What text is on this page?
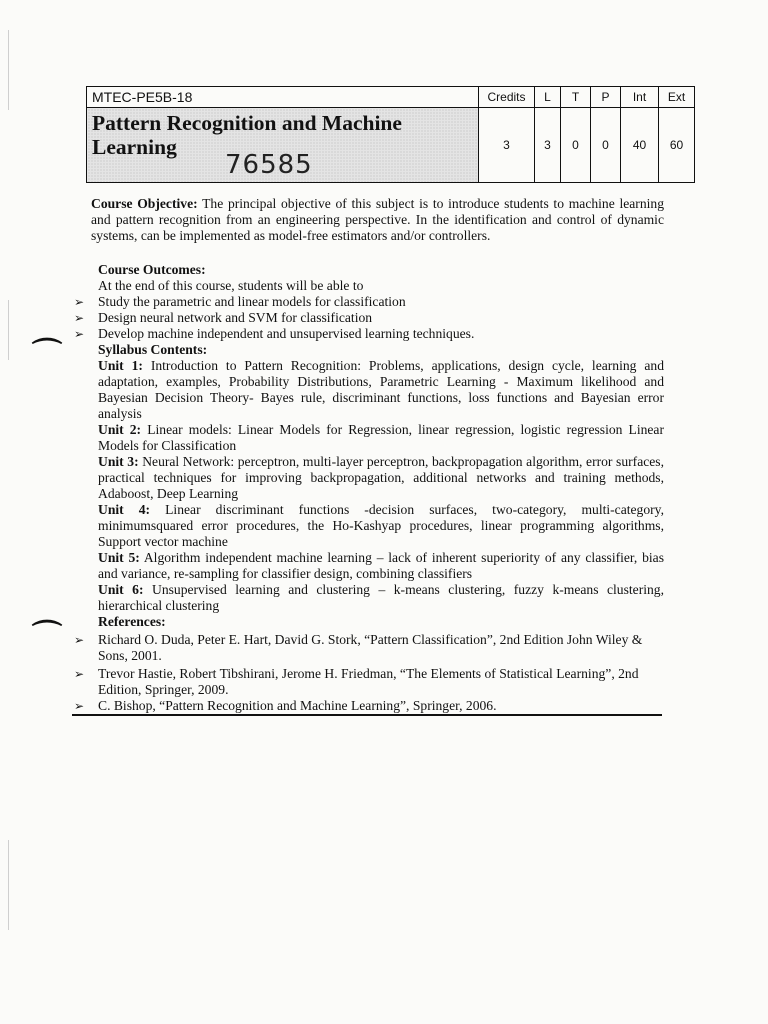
⌒
⌒
MTEC-PE5B-18	Credits	L	T	P	Int	Ext

Pattern Recognition and Machine Learning
76585	3	3	0	0	40	60
Course Objective: The principal objective of this subject is to introduce students to machine learning and pattern recognition from an engineering perspective. In the identification and control of dynamic systems, can be implemented as model-free estimators and/or controllers.
Course Outcomes:
At the end of this course, students will be able to
➢ Study the parametric and linear models for classification
➢ Design neural network and SVM for classification
➢ Develop machine independent and unsupervised learning techniques.
Syllabus Contents:
Unit 1: Introduction to Pattern Recognition: Problems, applications, design cycle, learning and adaptation, examples, Probability Distributions, Parametric Learning - Maximum likelihood and Bayesian Decision Theory- Bayes rule, discriminant functions, loss functions and Bayesian error analysis
Unit 2: Linear models: Linear Models for Regression, linear regression, logistic regression Linear Models for Classification
Unit 3: Neural Network: perceptron, multi-layer perceptron, backpropagation algorithm, error surfaces, practical techniques for improving backpropagation, additional networks and training methods, Adaboost, Deep Learning
Unit 4: Linear discriminant functions -decision surfaces, two-category, multi-category, minimumsquared error procedures, the Ho-Kashyap procedures, linear programming algorithms, Support vector machine
Unit 5: Algorithm independent machine learning – lack of inherent superiority of any classifier, bias and variance, re-sampling for classifier design, combining classifiers
Unit 6: Unsupervised learning and clustering – k-means clustering, fuzzy k-means clustering, hierarchical clustering
References:
➢ Richard O. Duda, Peter E. Hart, David G. Stork, “Pattern Classification”, 2nd Edition John Wiley & Sons, 2001.
➢ Trevor Hastie, Robert Tibshirani, Jerome H. Friedman, “The Elements of Statistical Learning”, 2nd Edition, Springer, 2009.
➢ C. Bishop, “Pattern Recognition and Machine Learning”, Springer, 2006.
